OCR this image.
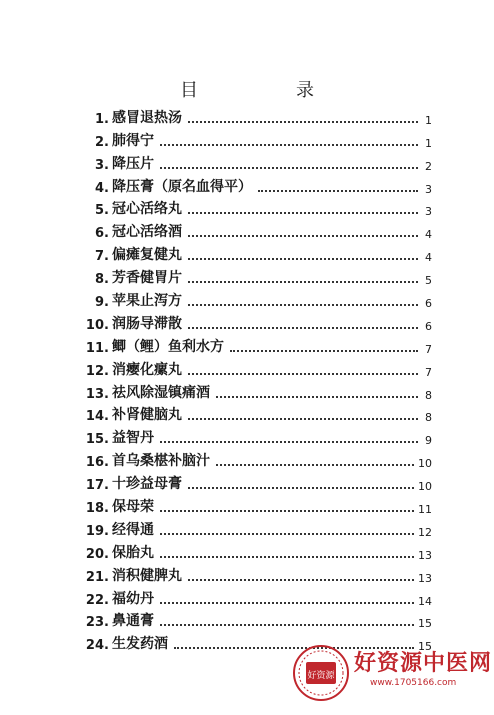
目　录
1 . 感冒退热汤	1
2 . 肺得宁	1
3 . 降压片	2
4 . 降压膏（原名血得平）	3
5 . 冠心活络丸	3
6 . 冠心活络酒	4
7 . 偏瘫复健丸	4
8 . 芳香健胃片	5
9 . 苹果止泻方	6
10 . 润肠导滞散	6
11 . 鲫（鲤）鱼利水方	7
12 . 消瘿化瘰丸	7
13 . 祛风除湿镇痛酒	8
14 . 补肾健脑丸	8
15 . 益智丹	9
16 . 首乌桑椹补脑汁	10
17 . 十珍益母膏	10
18 . 保母荣	11
19 . 经得通	12
20 . 保胎丸	13
21 . 消积健脾丸	13
22 . 福幼丹	14
23 . 鼻通膏	15
24 . 生发药酒	15
好资源 好资源中医网
www.1705166.com
